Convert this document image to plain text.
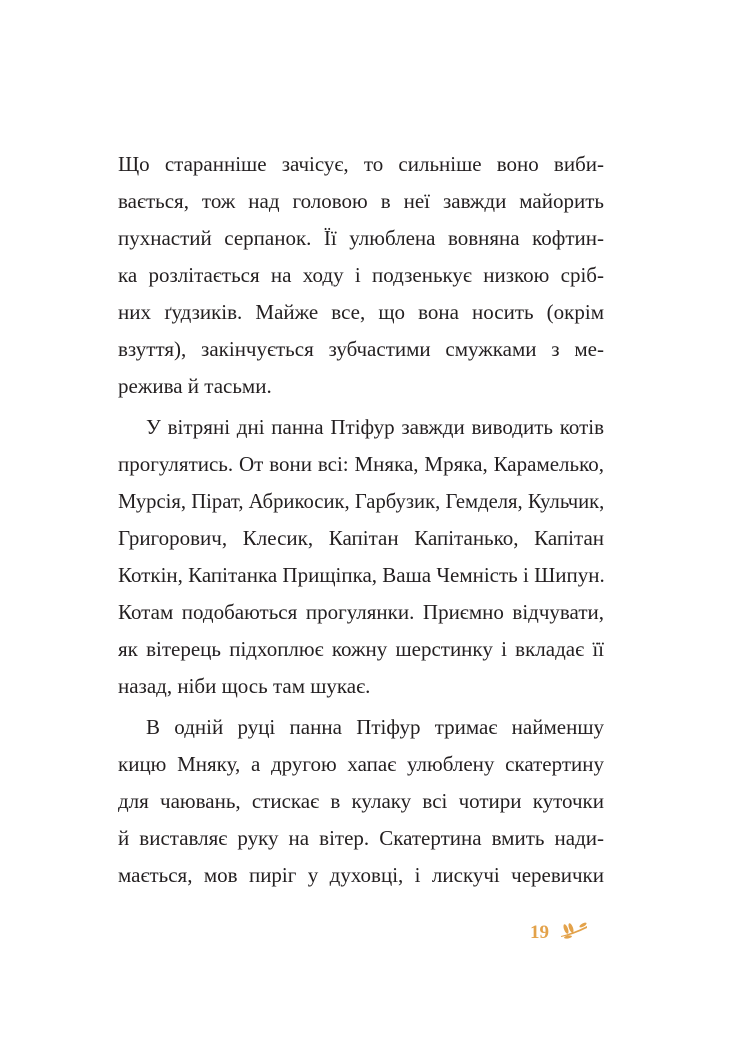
Що старанніше зачісує, то сильніше воно виби-
вається, тож над головою в неї завжди майорить
пухнастий серпанок. Її улюблена вовняна кофтин-
ка розлітається на ходу і подзенькує низкою сріб-
них ґудзиків. Майже все, що вона носить (окрім
взуття), закінчується зубчастими смужками з ме-
режива й тасьми.
У вітряні дні панна Птіфур завжди виводить котів
прогулятись. От вони всі: Мняка, Мряка, Карамелько,
Мурсія, Пірат, Абрикосик, Гарбузик, Гемделя, Кульчик,
Григорович, Клесик, Капітан Капітанько, Капітан
Коткін, Капітанка Прищіпка, Ваша Чемність і Шипун.
Котам подобаються прогулянки. Приємно відчувати,
як вітерець підхоплює кожну шерстинку і вкладає її
назад, ніби щось там шукає.
В одній руці панна Птіфур тримає найменшу
кицю Мняку, а другою хапає улюблену скатертину
для чаювань, стискає в кулаку всі чотири куточки
й виставляє руку на вітер. Скатертина вмить нади-
мається, мов пиріг у духовці, і лискучі черевички
19
